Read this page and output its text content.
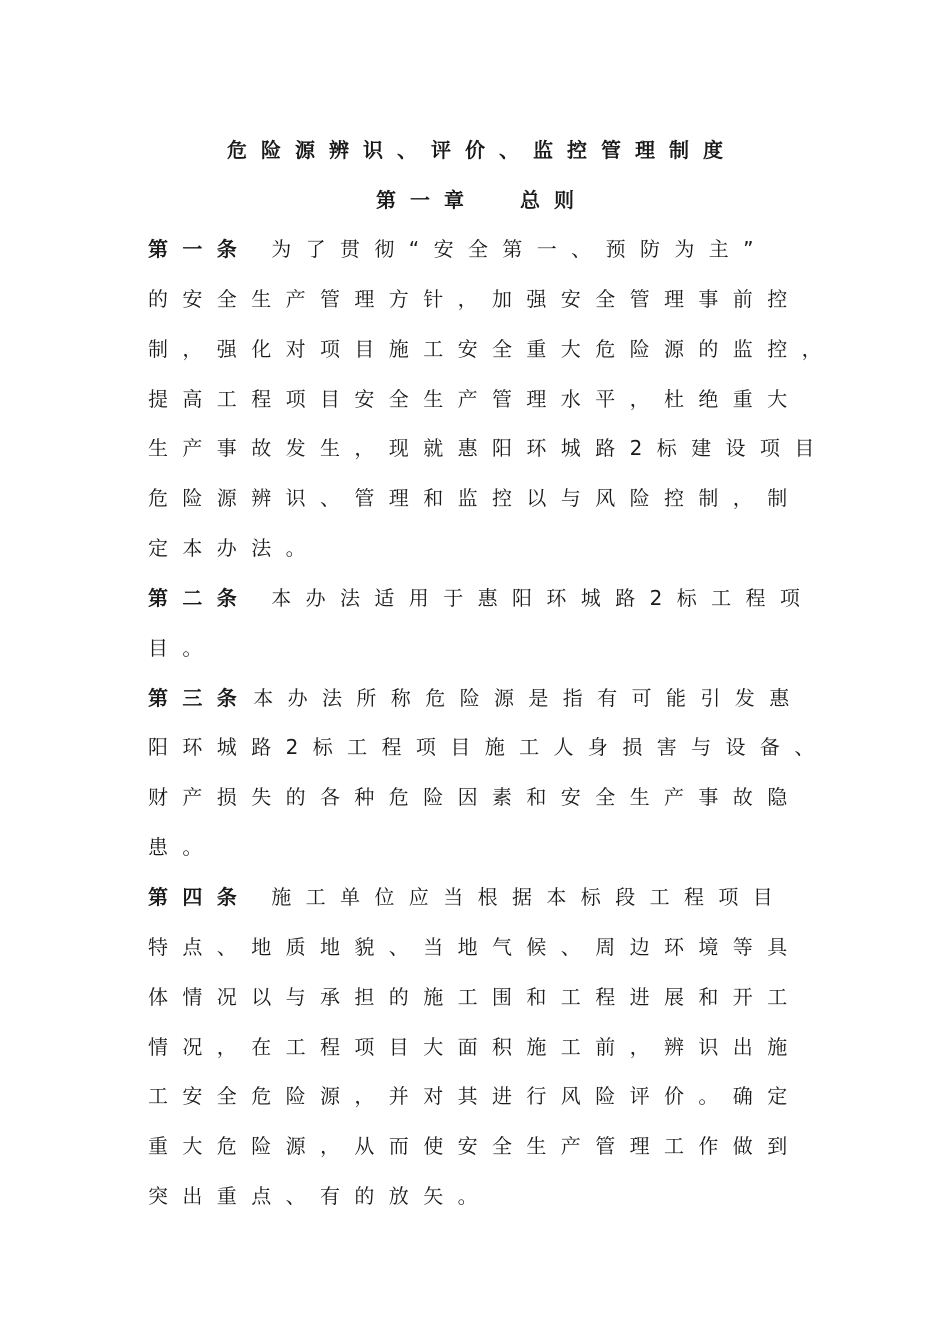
危险源辨识、评价、监控管理制度
第一章  总则
第一条 为了贯彻“安全第一、预防为主”
的安全生产管理方针，加强安全管理事前控
制，强化对项目施工安全重大危险源的监控，
提高工程项目安全生产管理水平，杜绝重大
生产事故发生，现就惠阳环城路2标建设项目
危险源辨识、管理和监控以与风险控制，制
定本办法。
第二条 本办法适用于惠阳环城路2标工程项
目。
第三条 本办法所称危险源是指有可能引发惠
阳环城路2标工程项目施工人身损害与设备、
财产损失的各种危险因素和安全生产事故隐
患。
第四条 施工单位应当根据本标段工程项目
特点、地质地貌、当地气候、周边环境等具
体情况以与承担的施工围和工程进展和开工
情况，在工程项目大面积施工前，辨识出施
工安全危险源，并对其进行风险评价。确定
重大危险源，从而使安全生产管理工作做到
突出重点、有的放矢。
